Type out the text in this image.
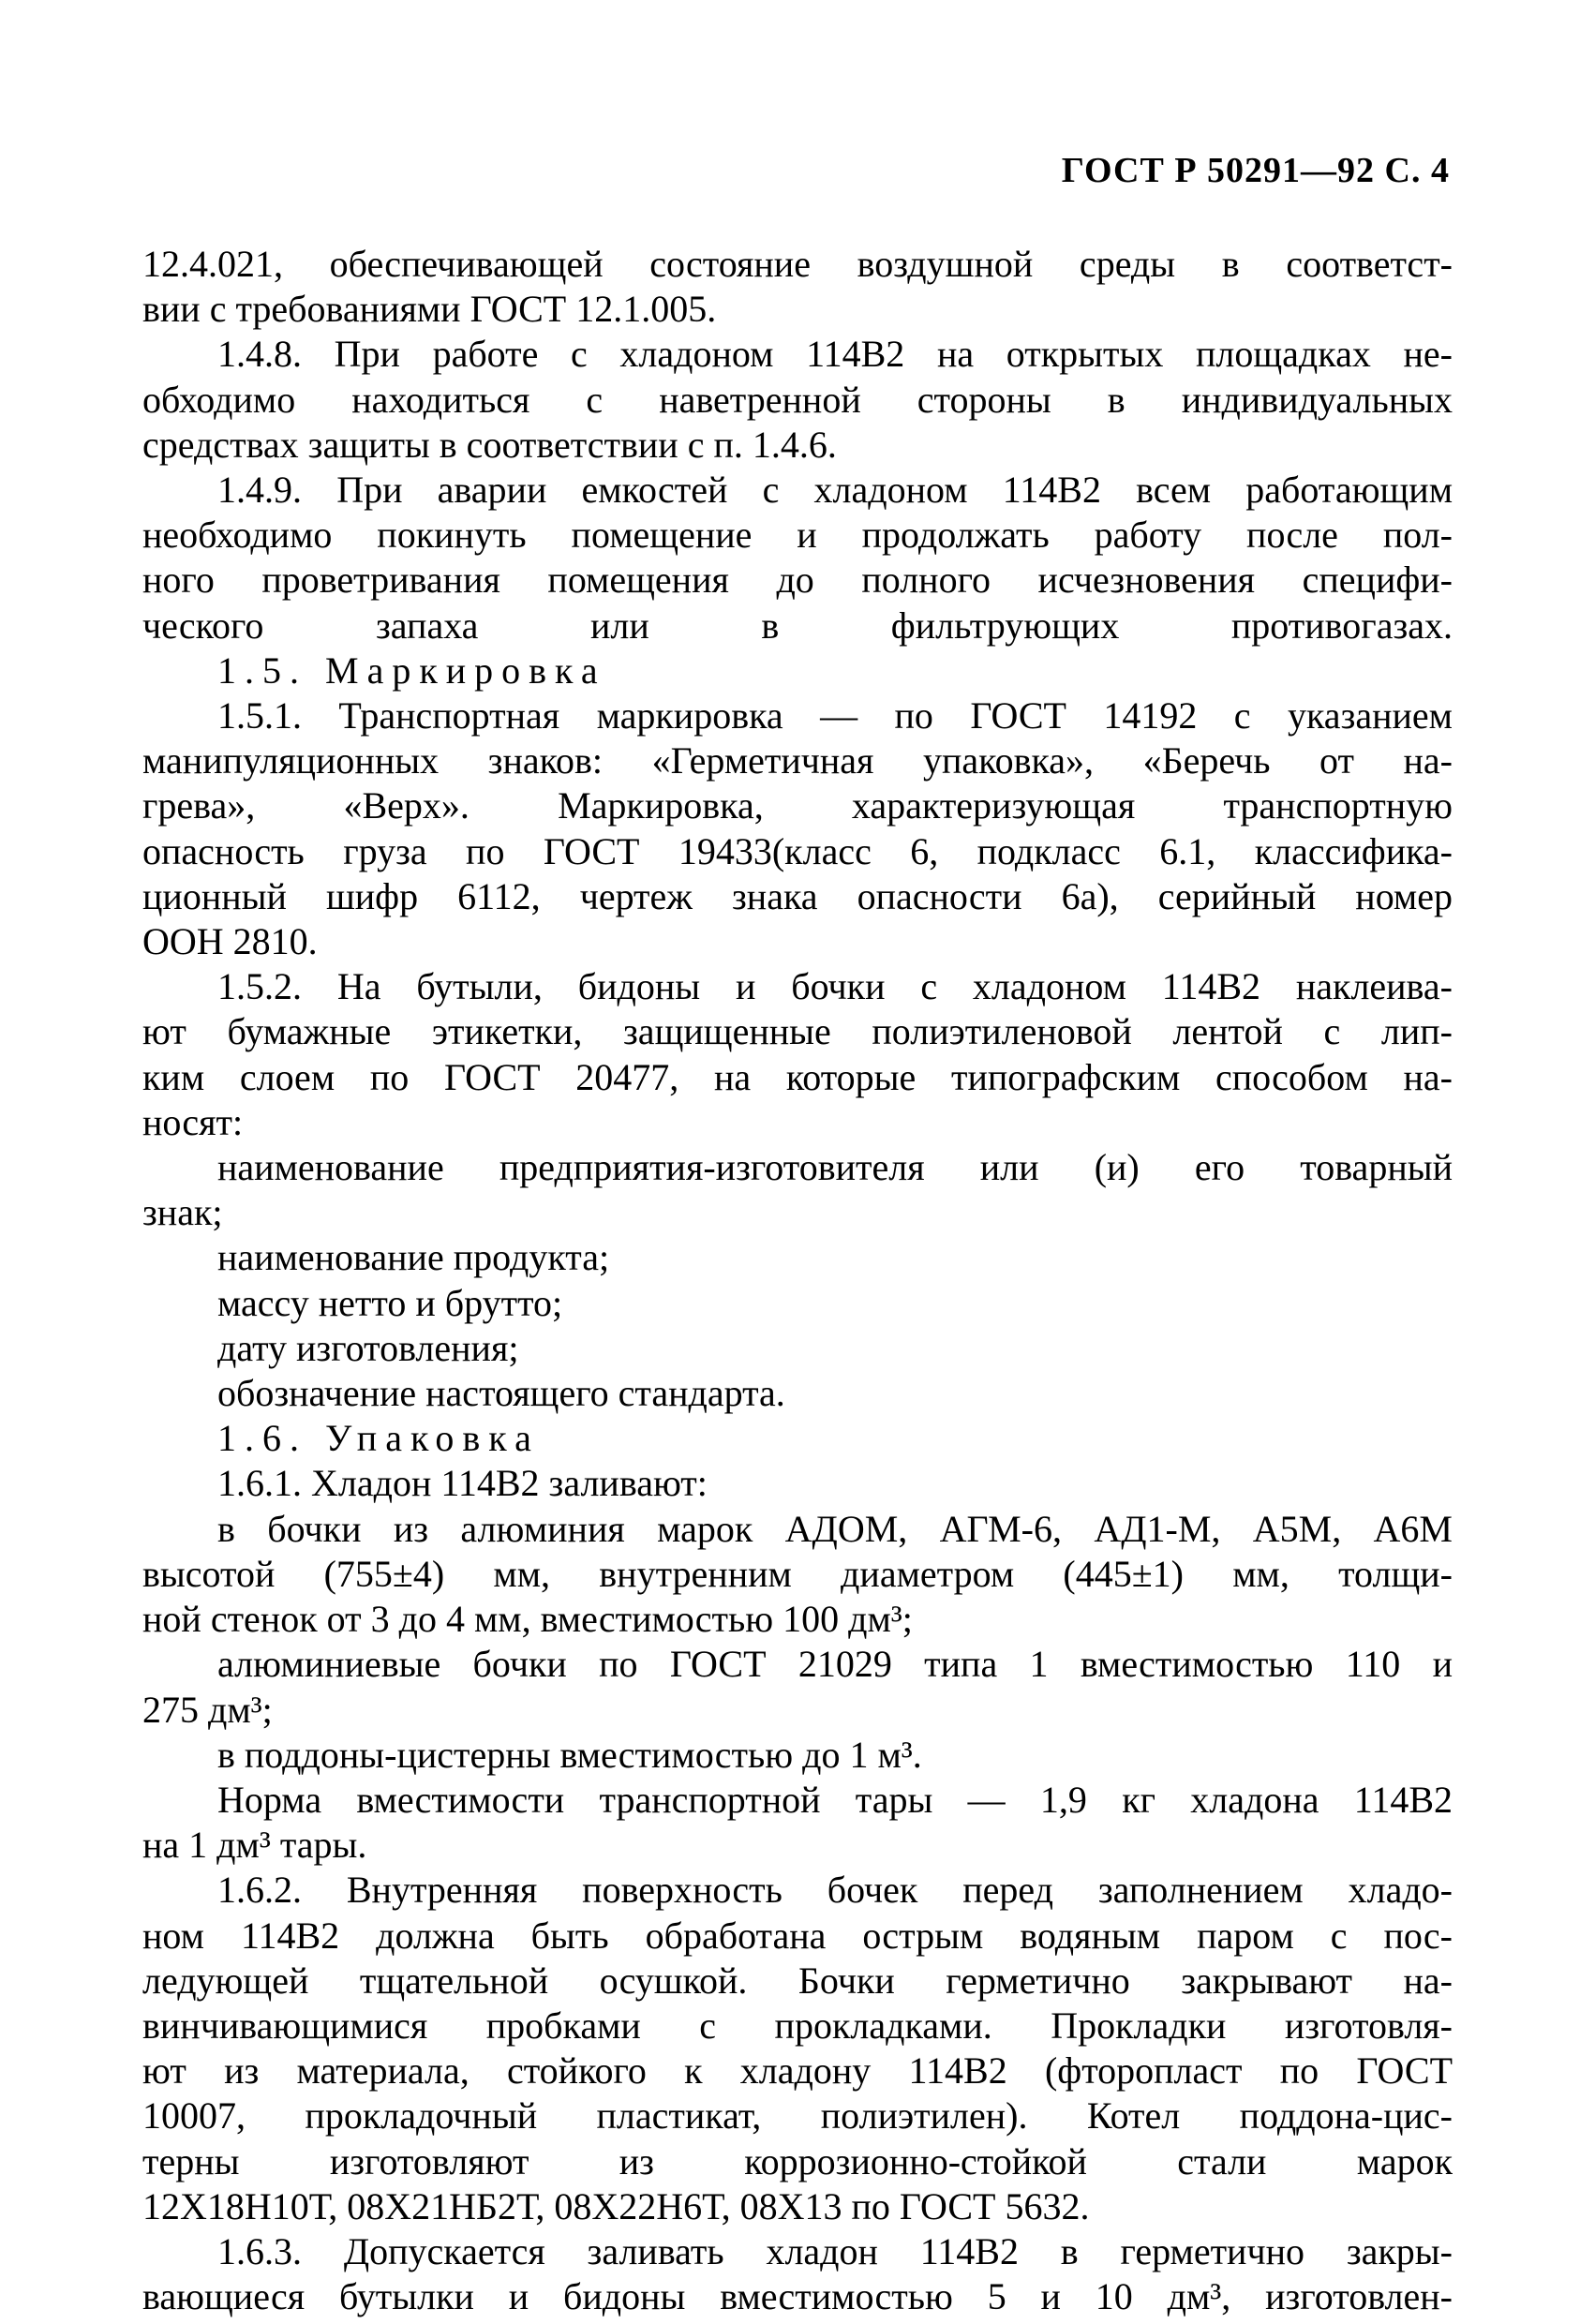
ГОСТ Р 50291—92 С. 4
12.4.021, обеспечивающей состояние воздушной среды в соответст-
вии с требованиями ГОСТ 12.1.005.
1.4.8. При работе с хладоном 114В2 на открытых площадках не-
обходимо находиться с наветренной стороны в индивидуальных
средствах защиты в соответствии с п. 1.4.6.
1.4.9. При аварии емкостей с хладоном 114В2 всем работающим
необходимо покинуть помещение и продолжать работу после пол-
ного проветривания помещения до полного исчезновения специфи-
ческого запаха или в фильтрующих противогазах.
1.5. Маркировка
1.5.1. Транспортная маркировка — по ГОСТ 14192 с указанием
манипуляционных знаков: «Герметичная упаковка», «Беречь от на-
грева», «Верх». Маркировка, характеризующая транспортную
опасность груза по ГОСТ 19433(класс 6, подкласс 6.1, классифика-
ционный шифр 6112, чертеж знака опасности 6а), серийный номер
ООН 2810.
1.5.2. На бутыли, бидоны и бочки с хладоном 114В2 наклеива-
ют бумажные этикетки, защищенные полиэтиленовой лентой с лип-
ким слоем по ГОСТ 20477, на которые типографским способом на-
носят:
наименование предприятия-изготовителя или (и) его товарный
знак;
наименование продукта;
массу нетто и брутто;
дату изготовления;
обозначение настоящего стандарта.
1.6. Упаковка
1.6.1. Хладон 114В2 заливают:
в бочки из алюминия марок АДОМ, АГМ-6, АД1-М, А5М, А6М
высотой (755±4) мм, внутренним диаметром (445±1) мм, толщи-
ной стенок от 3 до 4 мм, вместимостью 100 дм³;
алюминиевые бочки по ГОСТ 21029 типа 1 вместимостью 110 и
275 дм³;
в поддоны-цистерны вместимостью до 1 м³.
Норма вместимости транспортной тары — 1,9 кг хладона 114В2
на 1 дм³ тары.
1.6.2. Внутренняя поверхность бочек перед заполнением хладо-
ном 114В2 должна быть обработана острым водяным паром с пос-
ледующей тщательной осушкой. Бочки герметично закрывают на-
винчивающимися пробками с прокладками. Прокладки изготовля-
ют из материала, стойкого к хладону 114В2 (фторопласт по ГОСТ
10007, прокладочный пластикат, полиэтилен). Котел поддона-цис-
терны изготовляют из коррозионно-стойкой стали марок
12Х18Н10Т, 08Х21НБ2Т, 08Х22Н6Т, 08Х13 по ГОСТ 5632.
1.6.3. Допускается заливать хладон 114В2 в герметично закры-
вающиеся бутылки и бидоны вместимостью 5 и 10 дм³, изготовлен-
